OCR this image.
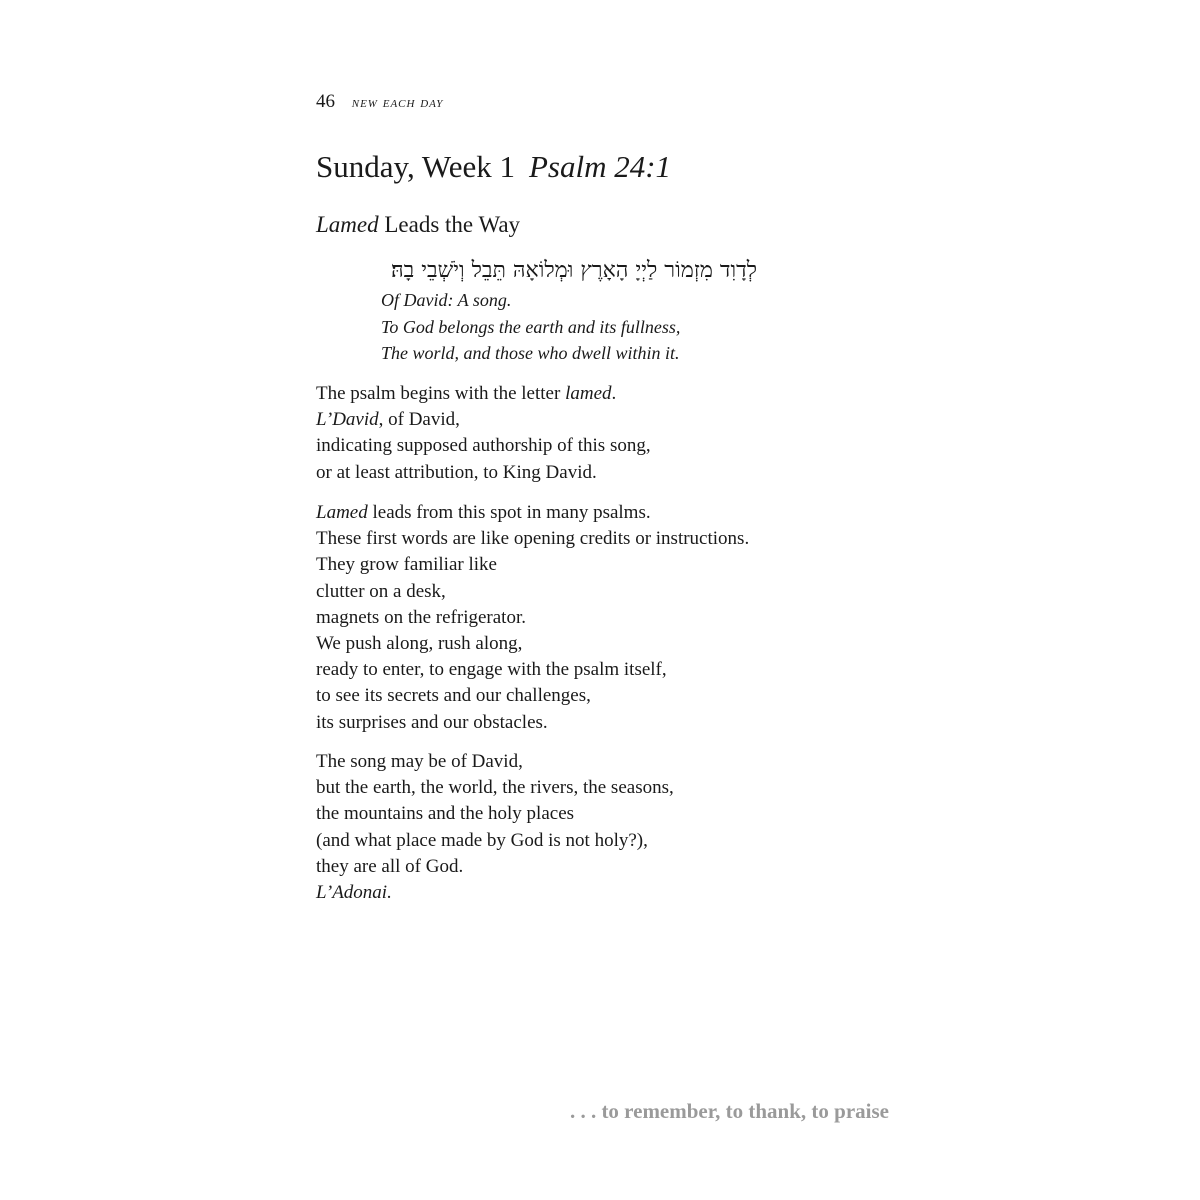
46 new each day
Sunday, Week 1 Psalm 24:1
Lamed Leads the Way
לְדָוִד מִזְמוֹר לַיְיָ הָאָרֶץ וּמְלוֹאָהּ תֵּבֵל וְיֹשְׁבֵי בָהּ׃
Of David: A song.
To God belongs the earth and its fullness,
The world, and those who dwell within it.
The psalm begins with the letter lamed.
L’David, of David,
indicating supposed authorship of this song,
or at least attribution, to King David.
Lamed leads from this spot in many psalms.
These first words are like opening credits or instructions.
They grow familiar like
clutter on a desk,
magnets on the refrigerator.
We push along, rush along,
ready to enter, to engage with the psalm itself,
to see its secrets and our challenges,
its surprises and our obstacles.
The song may be of David,
but the earth, the world, the rivers, the seasons,
the mountains and the holy places
(and what place made by God is not holy?),
they are all of God.
L’Adonai.
. . . to remember, to thank, to praise
